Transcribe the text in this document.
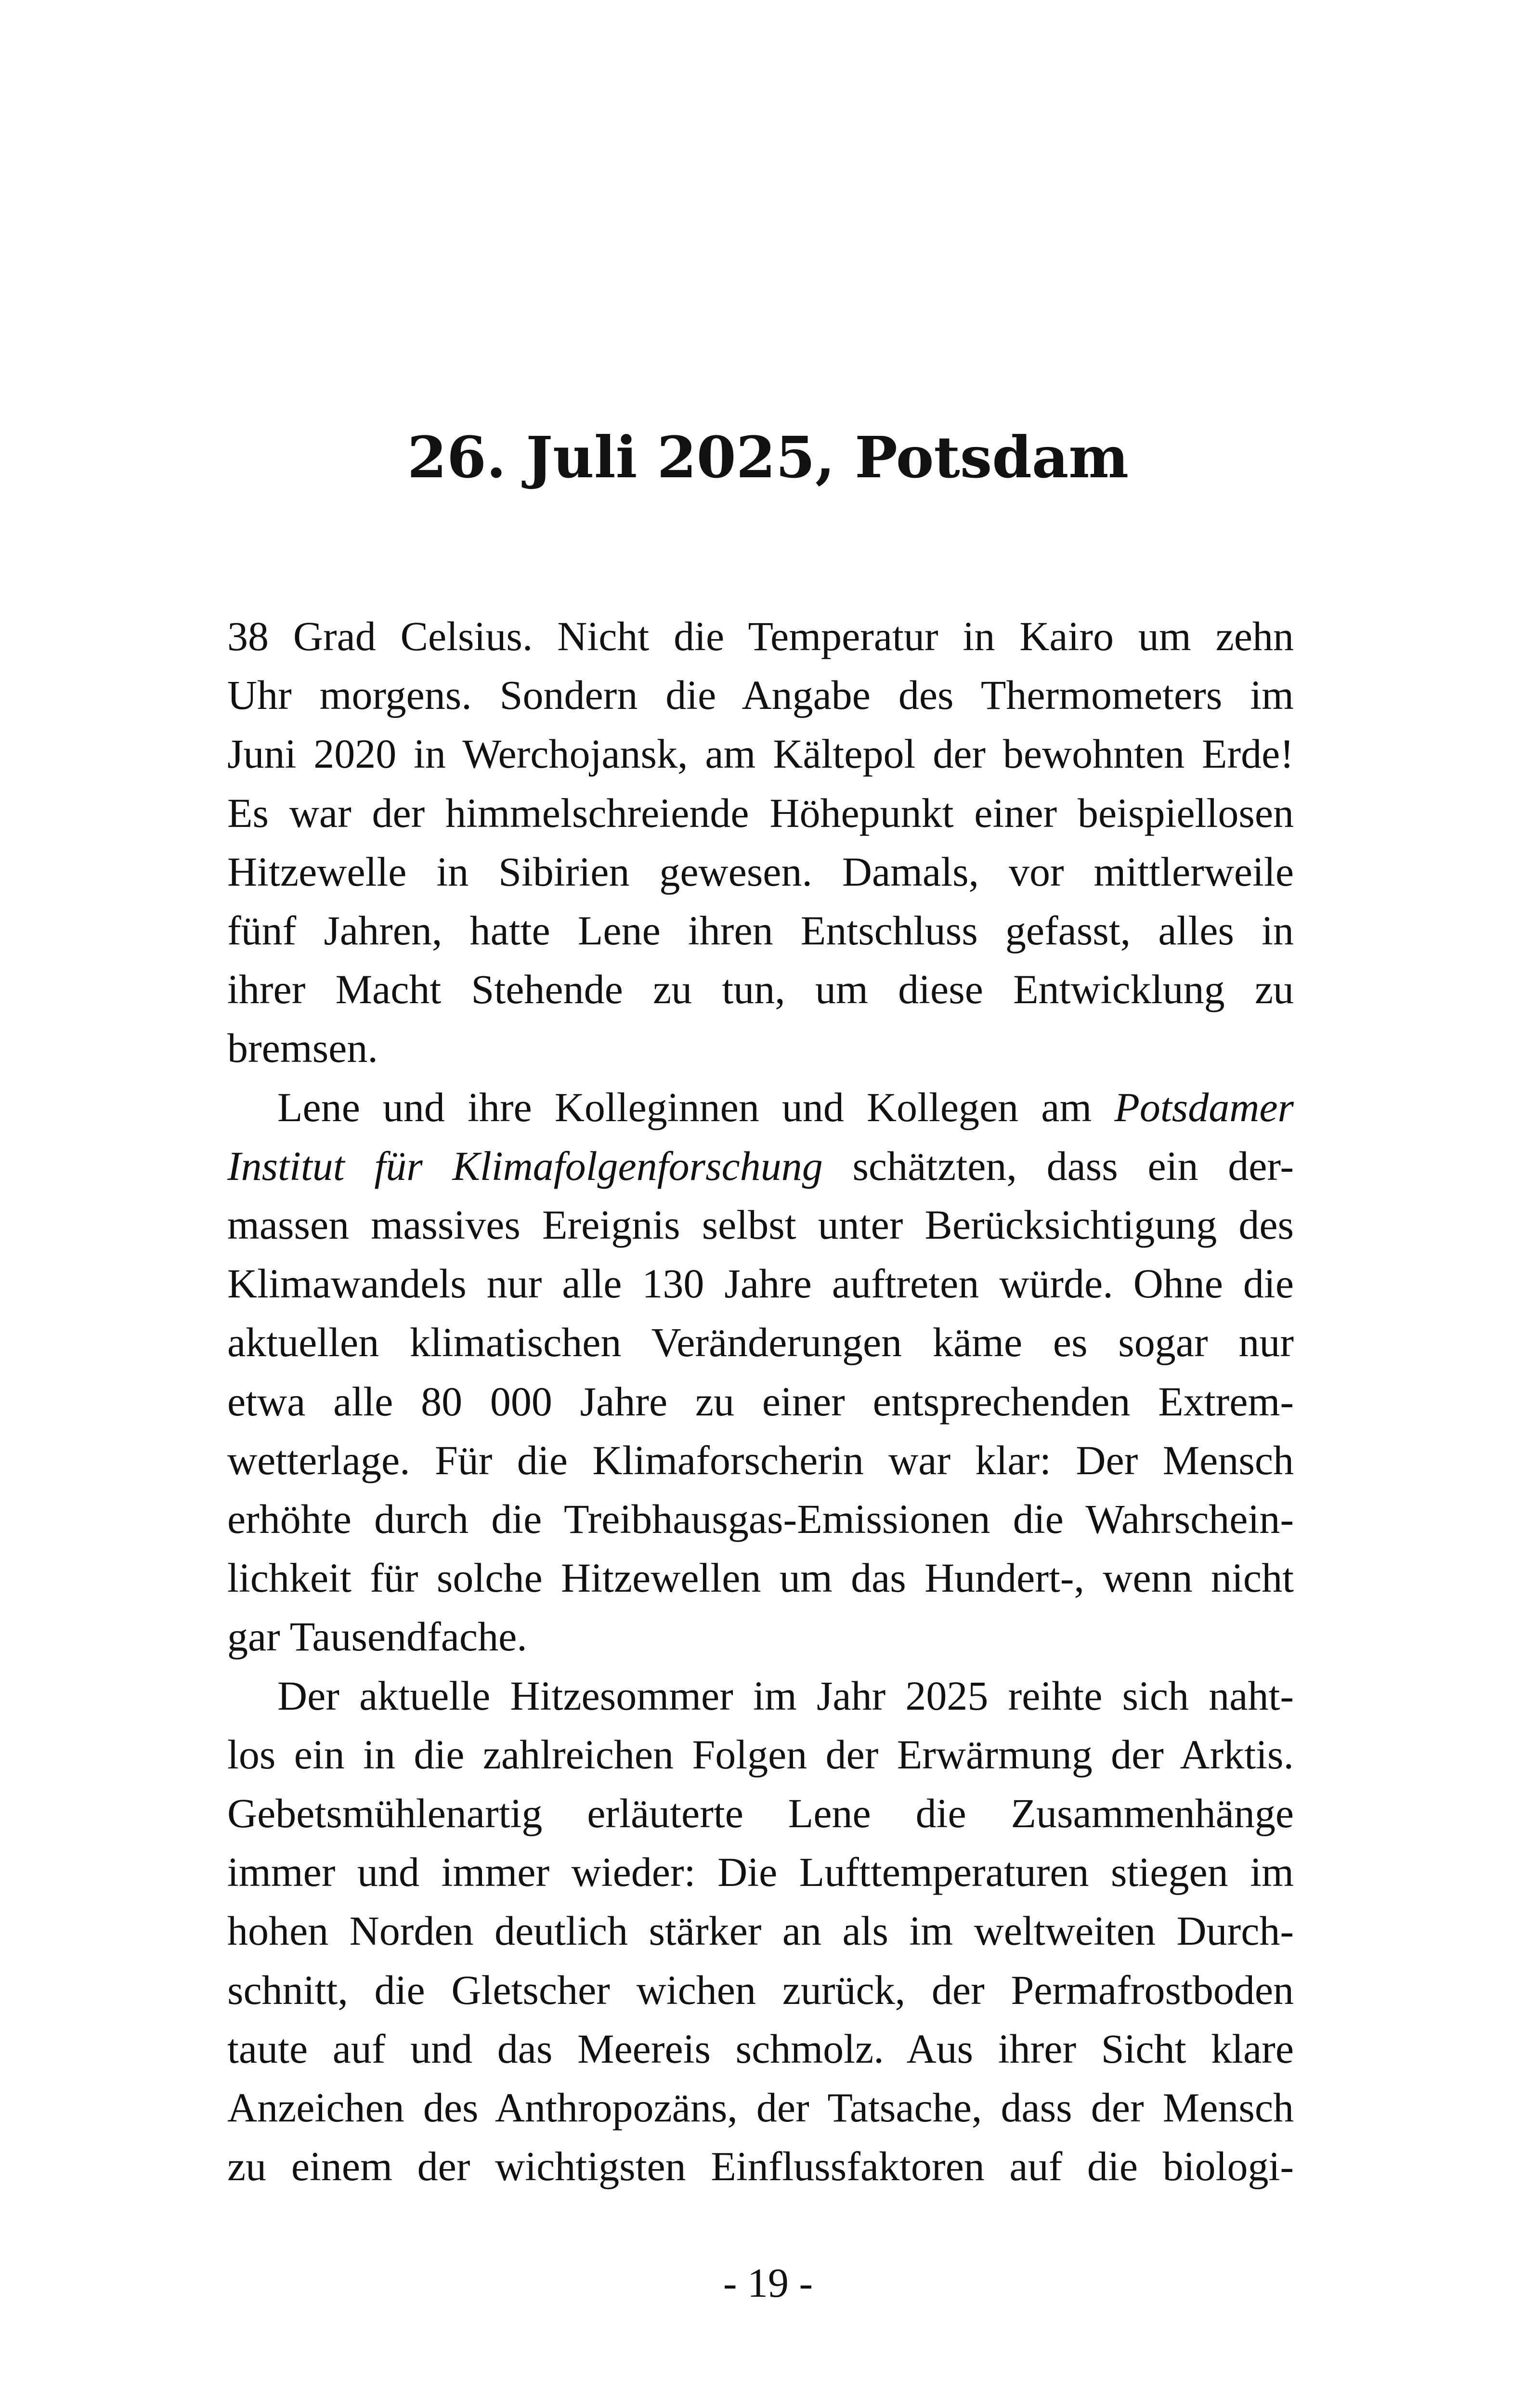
26. Juli 2025, Potsdam
38 Grad Celsius. Nicht die Temperatur in Kairo um zehn
Uhr morgens. Sondern die Angabe des Thermometers im
Juni 2020 in Werchojansk, am Kältepol der bewohnten Erde!
Es war der himmelschreiende Höhepunkt einer beispiellosen
Hitzewelle in Sibirien gewesen. Damals, vor mittlerweile
fünf Jahren, hatte Lene ihren Entschluss gefasst, alles in
ihrer Macht Stehende zu tun, um diese Entwicklung zu
bremsen.
Lene und ihre Kolleginnen und Kollegen am Potsdamer
Institut für Klimafolgenforschung schätzten, dass ein der-
massen massives Ereignis selbst unter Berücksichtigung des
Klimawandels nur alle 130 Jahre auftreten würde. Ohne die
aktuellen klimatischen Veränderungen käme es sogar nur
etwa alle 80 000 Jahre zu einer entsprechenden Extrem-
wetterlage. Für die Klimaforscherin war klar: Der Mensch
erhöhte durch die Treibhausgas-Emissionen die Wahrschein-
lichkeit für solche Hitzewellen um das Hundert-, wenn nicht
gar Tausendfache.
Der aktuelle Hitzesommer im Jahr 2025 reihte sich naht-
los ein in die zahlreichen Folgen der Erwärmung der Arktis.
Gebetsmühlenartig erläuterte Lene die Zusammenhänge
immer und immer wieder: Die Lufttemperaturen stiegen im
hohen Norden deutlich stärker an als im weltweiten Durch-
schnitt, die Gletscher wichen zurück, der Permafrostboden
taute auf und das Meereis schmolz. Aus ihrer Sicht klare
Anzeichen des Anthropozäns, der Tatsache, dass der Mensch
zu einem der wichtigsten Einflussfaktoren auf die biologi-
- 19 -
